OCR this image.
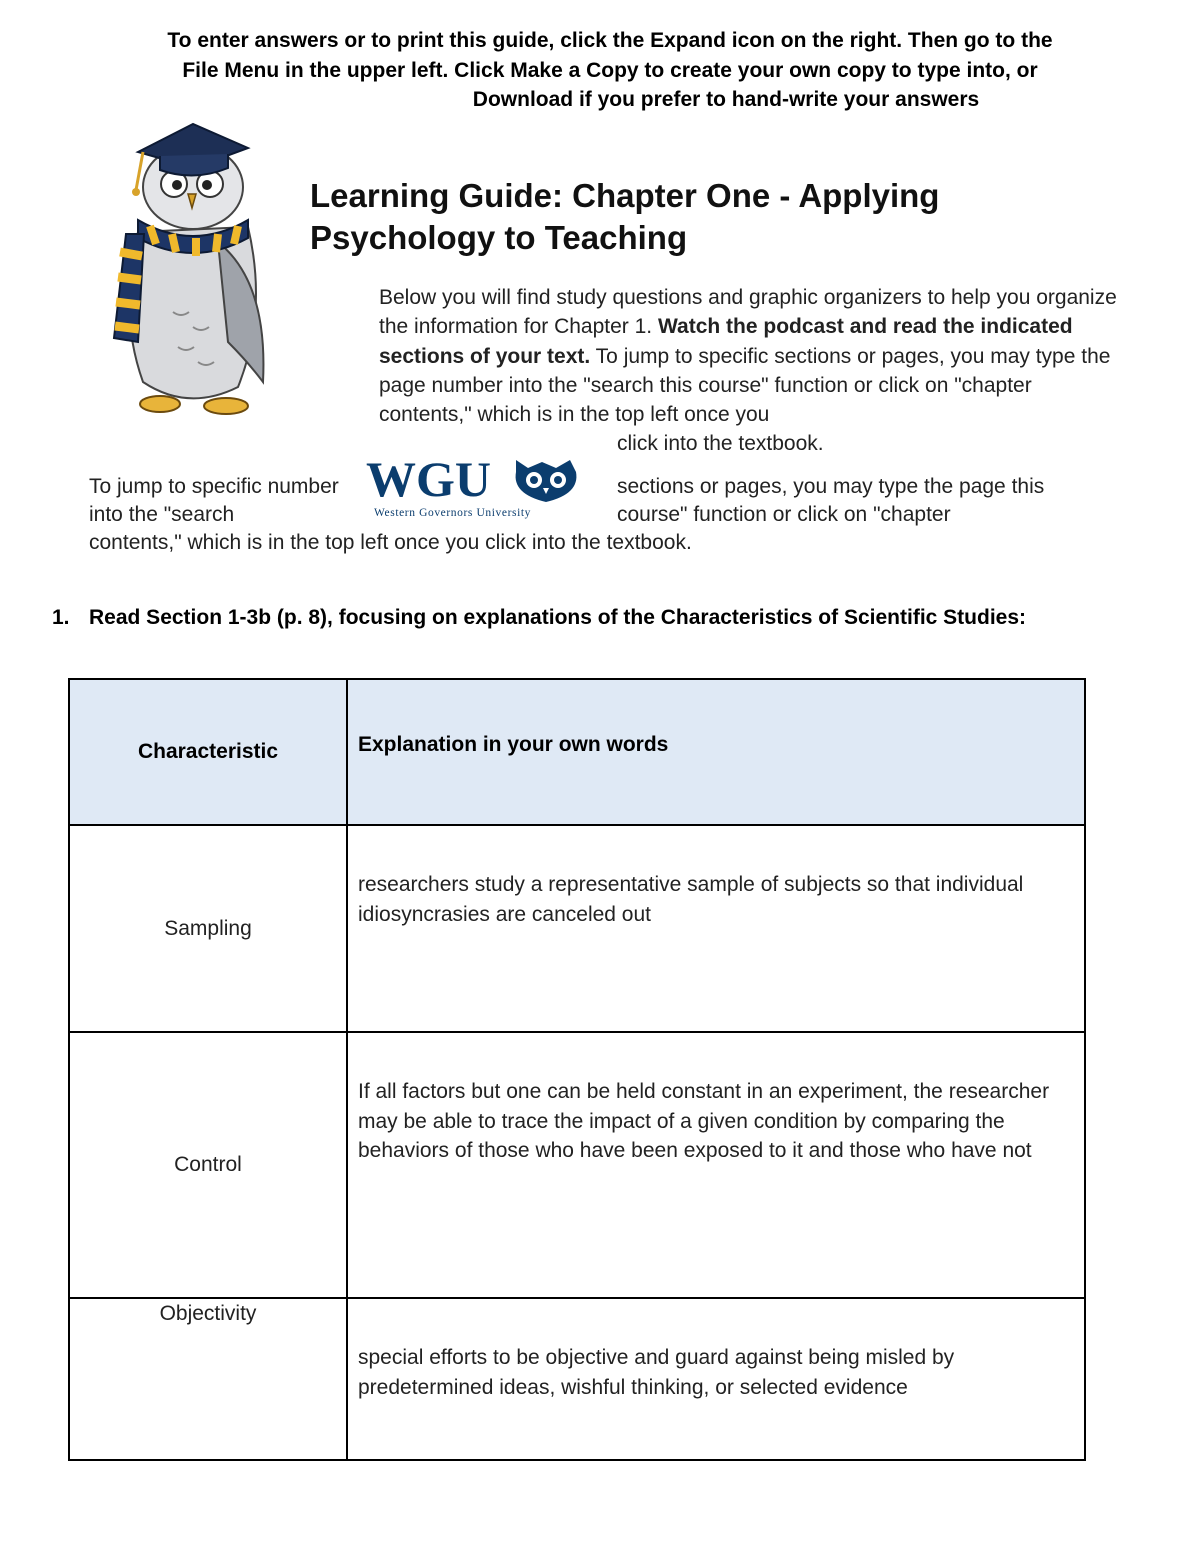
To enter answers or to print this guide, click the Expand icon on the right. Then go to the
File Menu in the upper left. Click Make a Copy to create your own copy to type into, or
Download if you prefer to hand-write your answers
Learning Guide: Chapter One - Applying
Psychology to Teaching
Below you will find study questions and graphic organizers to help you organize the information for Chapter 1. Watch the podcast and read the indicated sections of your text. To jump to specific sections or pages, you may type the page number into the "search this course" function or click on "chapter contents," which is in the top left once you
click into the textbook.
To jump to specific number into the "search
WGU
Western Governors University
sections or pages, you may type the page this course" function or click on "chapter
contents," which is in the top left once you click into the textbook.
1. Read Section 1-3b (p. 8), focusing on explanations of the Characteristics of Scientific Studies:
Characteristic	Explanation in your own words
Sampling	researchers study a representative sample of subjects so that individual idiosyncrasies are canceled out

Control	If all factors but one can be held constant in an experiment, the researcher may be able to trace the impact of a given condition by comparing the behaviors of those who have been exposed to it and those who have not

Objectivity	special efforts to be objective and guard against being misled by predetermined ideas, wishful thinking, or selected evidence
